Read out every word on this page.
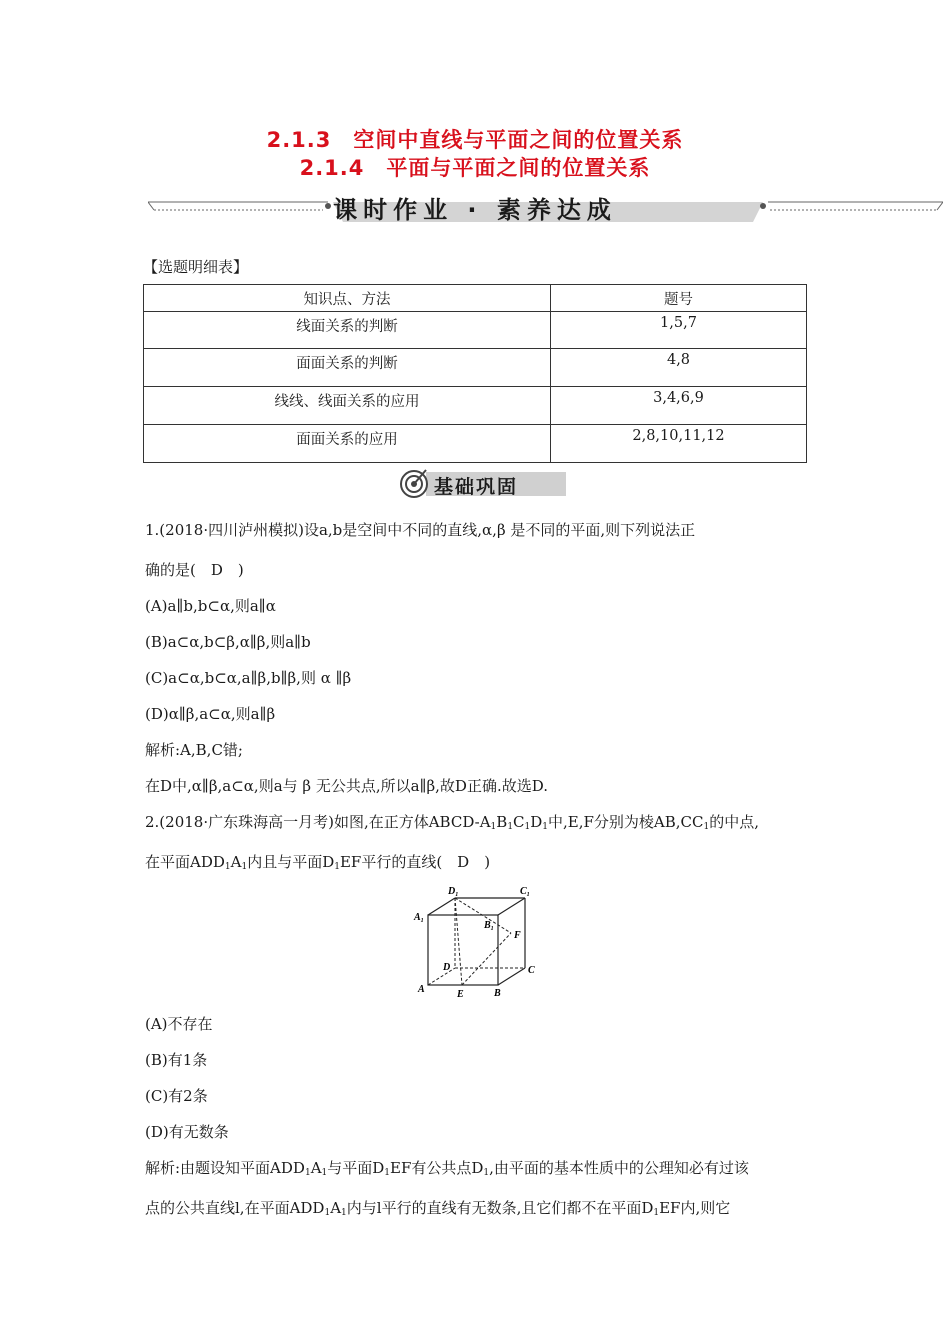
2.1.3　空间中直线与平面之间的位置关系
2.1.4　平面与平面之间的位置关系
课时作业 · 素养达成
【选题明细表】
知识点、方法	题号
线面关系的判断	1,5,7
面面关系的判断	4,8
线线、线面关系的应用	3,4,6,9
面面关系的应用	2,8,10,11,12
基础巩固
1.(2018·四川泸州模拟)设a,b是空间中不同的直线,α,β 是不同的平面,则下列说法正
确的是(　D　)
(A)a∥b,b⊂α,则a∥α
(B)a⊂α,b⊂β,α∥β,则a∥b
(C)a⊂α,b⊂α,a∥β,b∥β,则 α ∥β
(D)α∥β,a⊂α,则a∥β
解析:A,B,C错;
在D中,α∥β,a⊂α,则a与 β 无公共点,所以a∥β,故D正确.故选D.
2.(2018·广东珠海高一月考)如图,在正方体ABCD-$A_1B_1C_1D_1$中,E,F分别为棱$AB,CC_1$的中点,
在平面$ADD_1A_1$内且与平面$D_1EF$平行的直线(　D　)
$D_1$	$C_1$
$A_1$	$B_1$
F
D	C
A	E	B
(A)不存在
(B)有1条
(C)有2条
(D)有无数条
解析:由题设知平面$ADD_1A_1$与平面$D_1EF$有公共点$D_1$,由平面的基本性质中的公理知必有过该
点的公共直线l,在平面$ADD_1A_1$内与l平行的直线有无数条,且它们都不在平面$D_1EF$内,则它
